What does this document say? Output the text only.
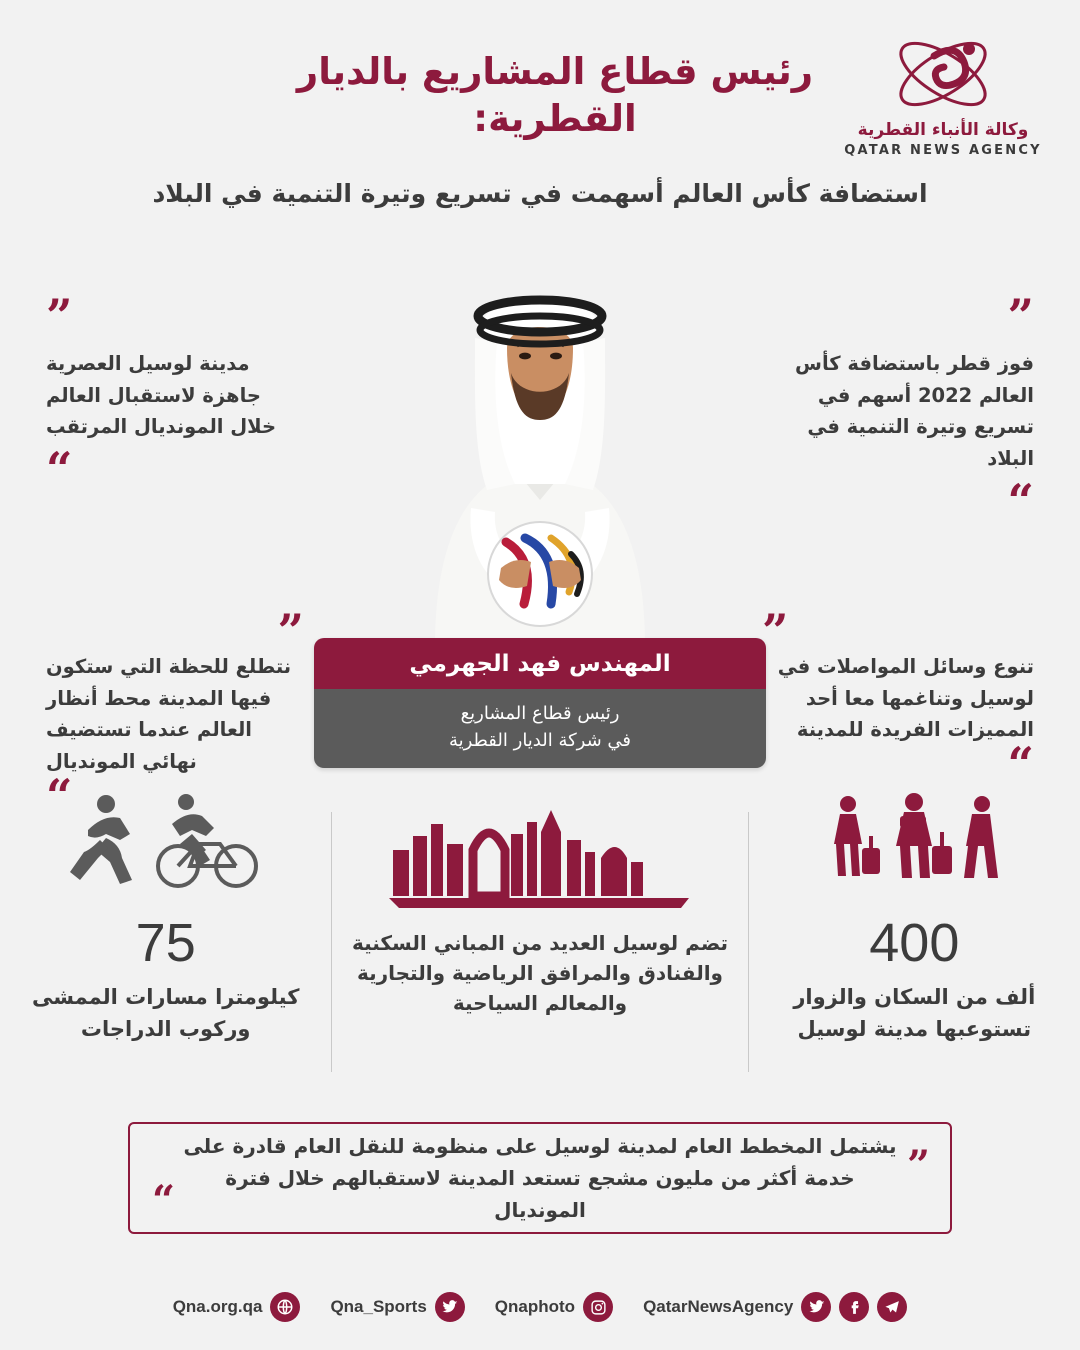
وكالة الأنباء القطرية
QATAR NEWS AGENCY
رئيس قطاع المشاريع بالديار القطرية:
استضافة كأس العالم أسهمت في تسريع وتيرة التنمية في البلاد
المهندس فهد الجهرمي
رئيس قطاع المشاريع
في شركة الديار القطرية
”
فوز قطر باستضافة كأس العالم 2022 أسهم في تسريع وتيرة التنمية في البلاد
“
”
مدينة لوسيل العصرية جاهزة لاستقبال العالم خلال المونديال المرتقب
“
”
تنوع وسائل المواصلات في لوسيل وتناغمها معا أحد المميزات الفريدة للمدينة
“
”
نتطلع للحظة التي ستكون فيها المدينة محط أنظار العالم عندما تستضيف نهائي المونديال
“
400
ألف من السكان والزوار تستوعبها مدينة لوسيل
تضم لوسيل العديد من المباني السكنية والفنادق والمرافق الرياضية والتجارية والمعالم السياحية
75
كيلومترا مسارات الممشى وركوب الدراجات
”
يشتمل المخطط العام لمدينة لوسيل على منظومة للنقل العام قادرة على خدمة أكثر من مليون مشجع تستعد المدينة لاستقبالهم خلال فترة المونديال
“
QatarNewsAgency
Qnaphoto
Qna_Sports
Qna.org.qa
